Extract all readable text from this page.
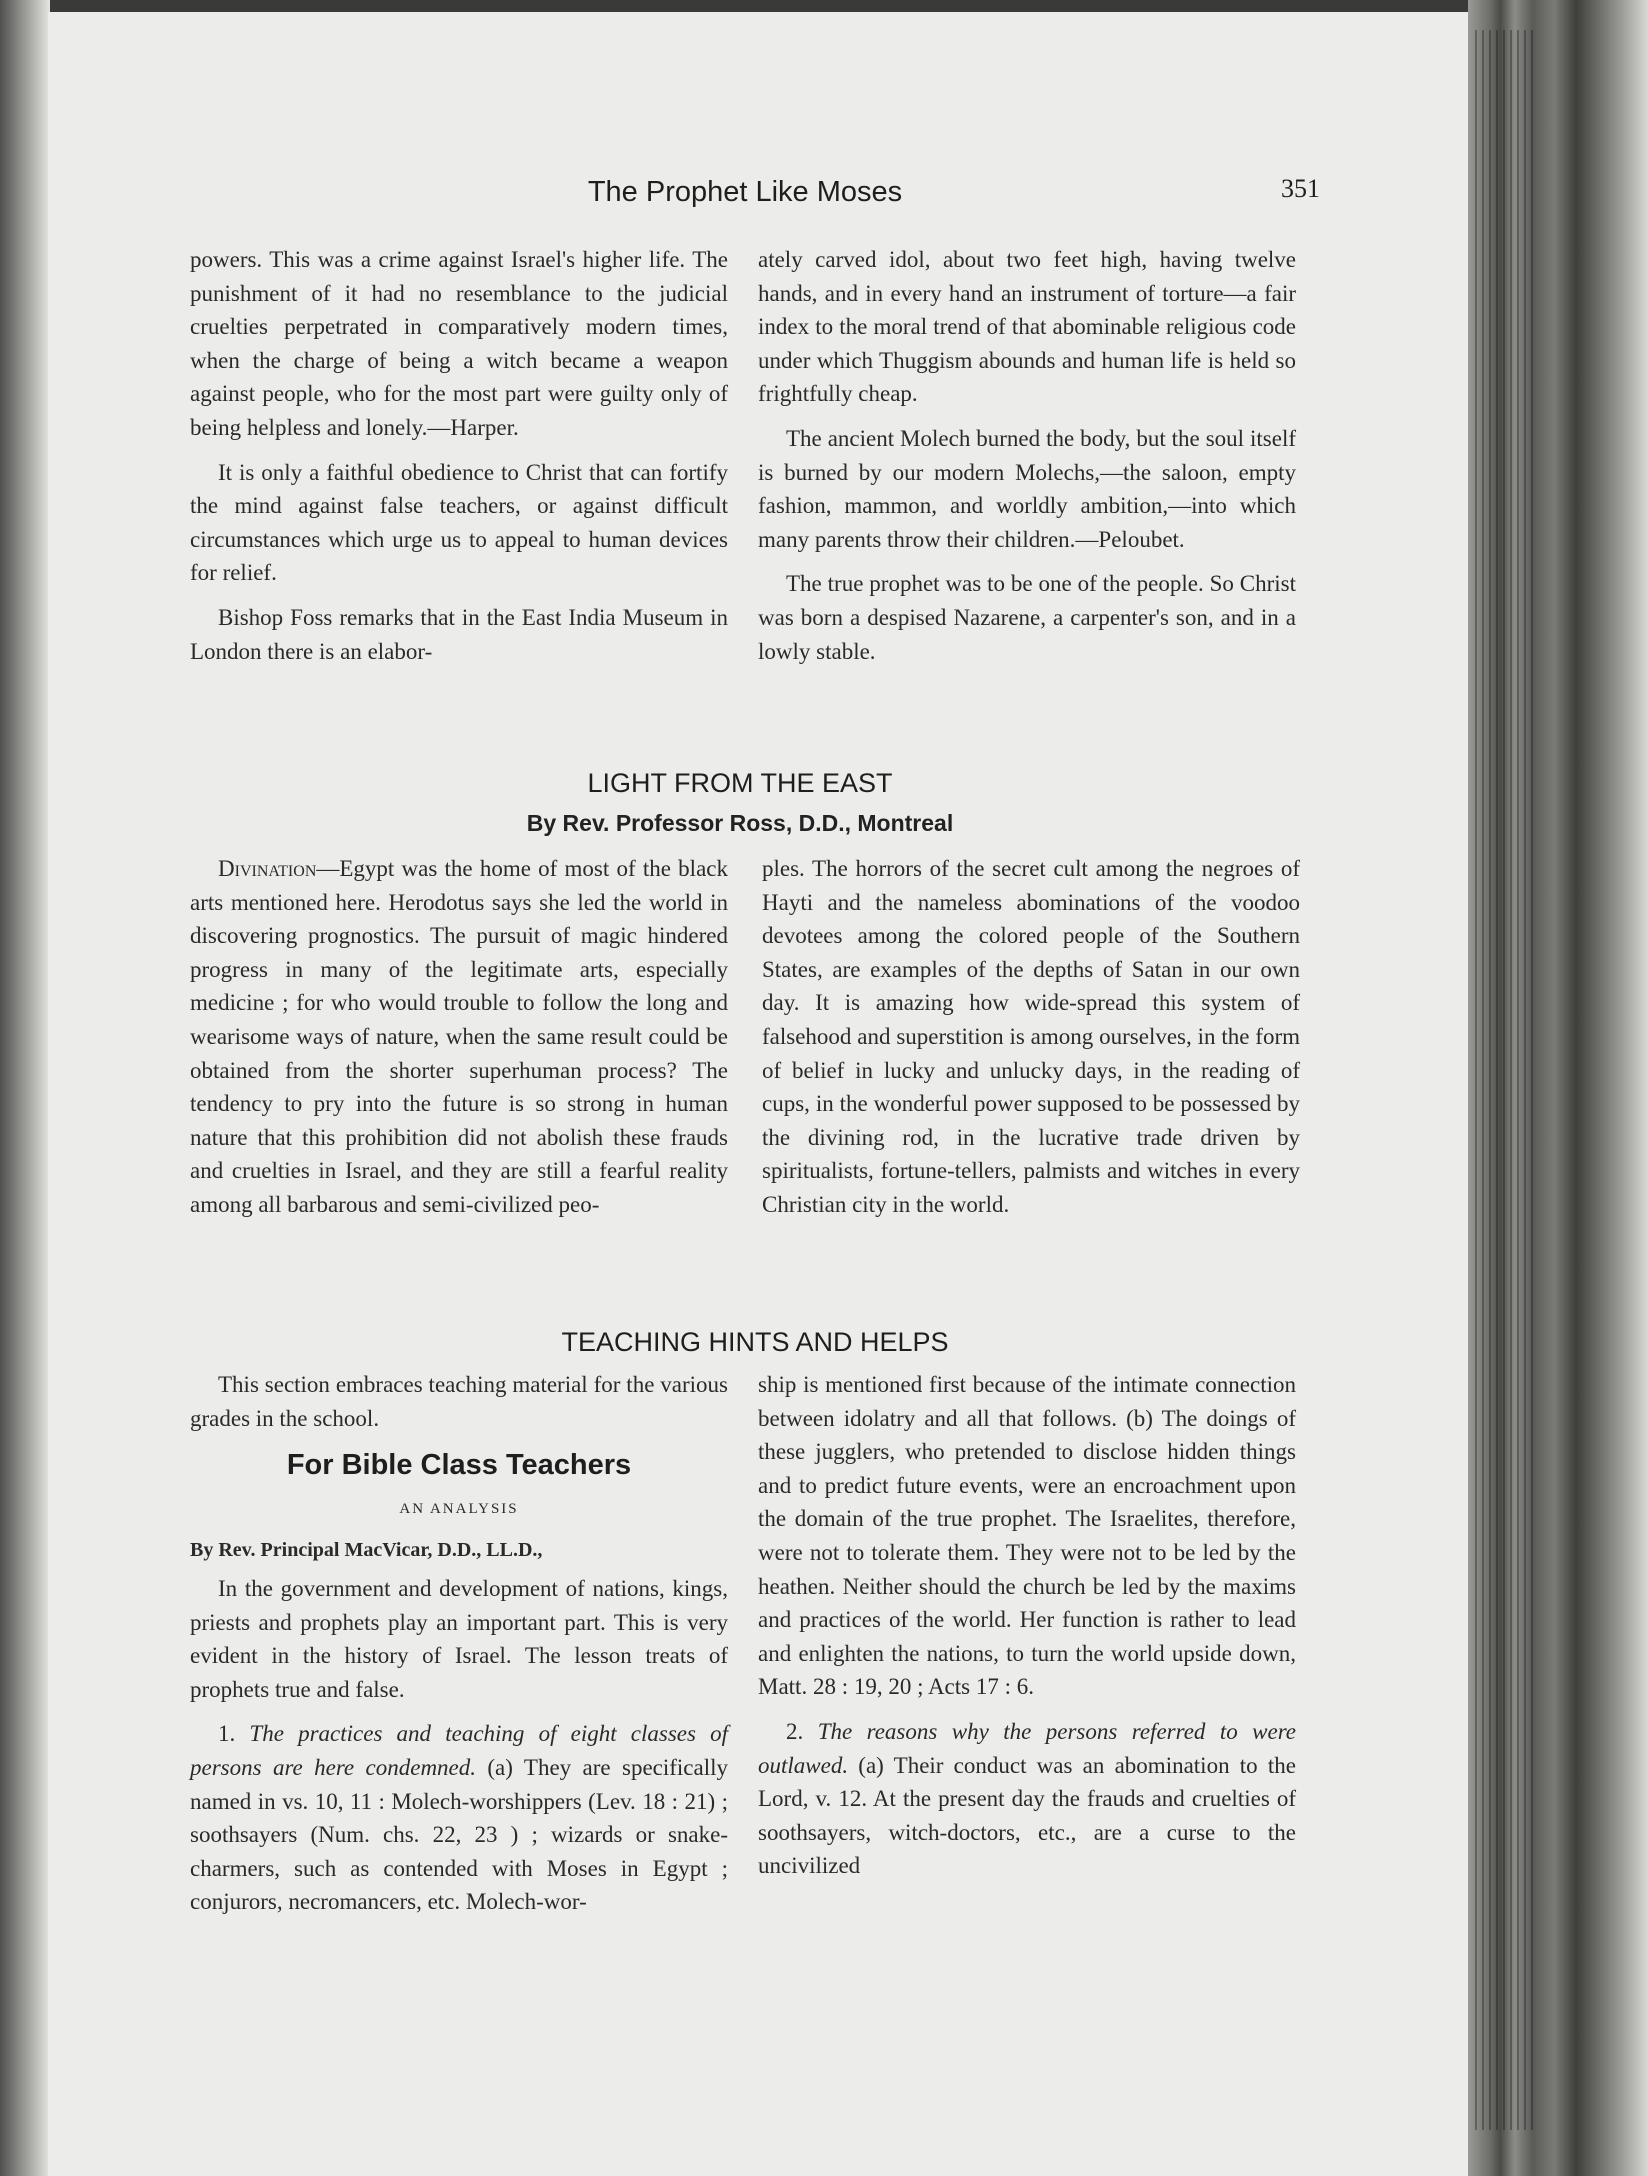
The Prophet Like Moses	351

powers. This was a crime against Israel's higher life. The punishment of it had no resemblance to the judicial cruelties perpetrated in comparatively modern times, when the charge of being a witch became a weapon against people, who for the most part were guilty only of being helpless and lonely.—Harper.

It is only a faithful obedience to Christ that can fortify the mind against false teachers, or against difficult circumstances which urge us to appeal to human devices for relief.

Bishop Foss remarks that in the East India Museum in London there is an elabor-

ately carved idol, about two feet high, having twelve hands, and in every hand an instrument of torture—a fair index to the moral trend of that abominable religious code under which Thuggism abounds and human life is held so frightfully cheap.

The ancient Molech burned the body, but the soul itself is burned by our modern Molechs,—the saloon, empty fashion, mammon, and worldly ambition,—into which many parents throw their children.—Peloubet.

The true prophet was to be one of the people. So Christ was born a despised Nazarene, a carpenter's son, and in a lowly stable.

LIGHT FROM THE EAST
By Rev. Professor Ross, D.D., Montreal

Divination—Egypt was the home of most of the black arts mentioned here. Herodotus says she led the world in discovering prognostics. The pursuit of magic hindered progress in many of the legitimate arts, especially medicine ; for who would trouble to follow the long and wearisome ways of nature, when the same result could be obtained from the shorter superhuman process? The tendency to pry into the future is so strong in human nature that this prohibition did not abolish these frauds and cruelties in Israel, and they are still a fearful reality among all barbarous and semi-civilized peo-

ples. The horrors of the secret cult among the negroes of Hayti and the nameless abominations of the voodoo devotees among the colored people of the Southern States, are examples of the depths of Satan in our own day. It is amazing how wide-spread this system of falsehood and superstition is among ourselves, in the form of belief in lucky and unlucky days, in the reading of cups, in the wonderful power supposed to be possessed by the divining rod, in the lucrative trade driven by spiritualists, fortune-tellers, palmists and witches in every Christian city in the world.

TEACHING HINTS AND HELPS

This section embraces teaching material for the various grades in the school.

For Bible Class Teachers
AN ANALYSIS
By Rev. Principal MacVicar, D.D., LL.D.,

In the government and development of nations, kings, priests and prophets play an important part. This is very evident in the history of Israel. The lesson treats of prophets true and false.

1. The practices and teaching of eight classes of persons are here condemned. (a) They are specifically named in vs. 10, 11 : Molech-worshippers (Lev. 18 : 21) ; soothsayers (Num. chs. 22, 23 ) ; wizards or snake-charmers, such as contended with Moses in Egypt ; conjurors, necromancers, etc. Molech-wor-

ship is mentioned first because of the intimate connection between idolatry and all that follows. (b) The doings of these jugglers, who pretended to disclose hidden things and to predict future events, were an encroachment upon the domain of the true prophet. The Israelites, therefore, were not to tolerate them. They were not to be led by the heathen. Neither should the church be led by the maxims and practices of the world. Her function is rather to lead and enlighten the nations, to turn the world upside down, Matt. 28 : 19, 20 ; Acts 17 : 6.

2. The reasons why the persons referred to were outlawed. (a) Their conduct was an abomination to the Lord, v. 12. At the present day the frauds and cruelties of soothsayers, witch-doctors, etc., are a curse to the uncivilized
